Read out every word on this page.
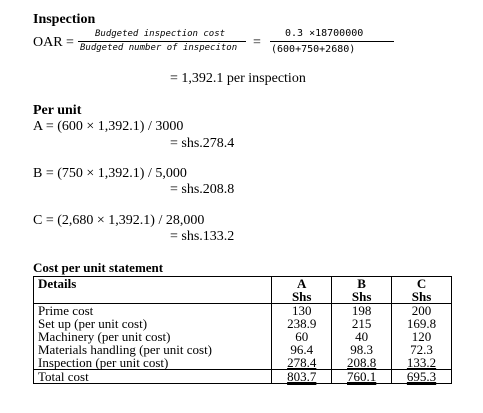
Inspection
OAR =
Budgeted inspection cost
Budgeted number of inspeciton =
0.3 ×18700000
(600+750+2680)
= 1,392.1 per inspection
Per unit
A = (600 × 1,392.1) / 3000
= shs.278.4
B = (750 × 1,392.1) / 5,000
= shs.208.8
C = (2,680 × 1,392.1) / 28,000
= shs.133.2
Cost per unit statement
Details	A	B	C
	Shs	Shs	Shs
Prime cost	130	198	200
Set up (per unit cost)	238.9	215	169.8
Machinery (per unit cost)	60	40	120
Materials handling (per unit cost)	96.4	98.3	72.3
Inspection (per unit cost)	278.4	208.8	133.2
Total cost	803.7	760.1	695.3
